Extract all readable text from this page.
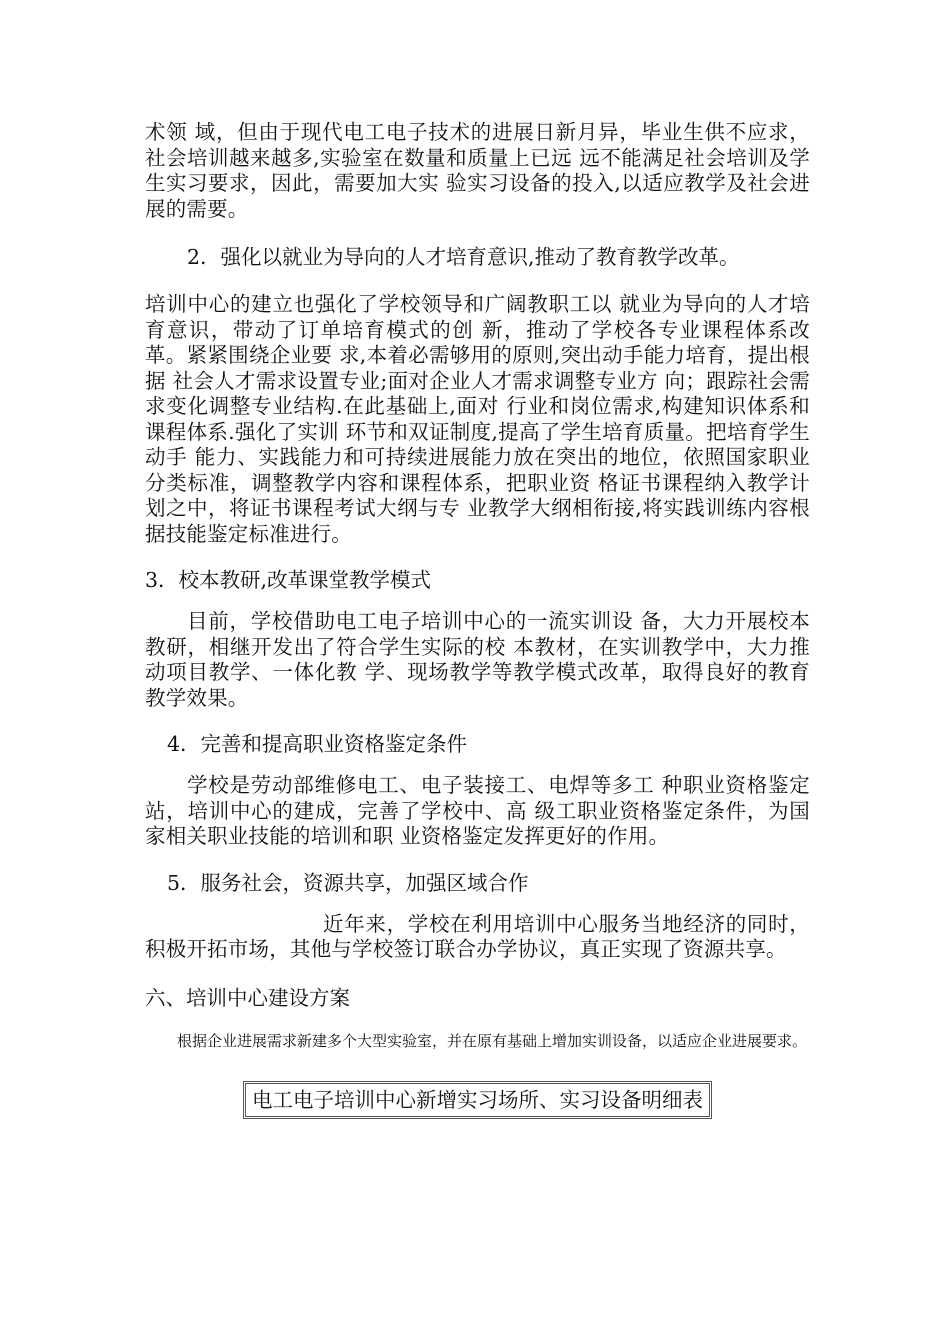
术领 域，但由于现代电工电子技术的进展日新月异，毕业生供不应求，社会培训越来越多,实验室在数量和质量上已远 远不能满足社会培训及学生实习要求，因此，需要加大实 验实习设备的投入,以适应教学及社会进展的需要。

2．强化以就业为导向的人才培育意识,推动了教育教学改革。

培训中心的建立也强化了学校领导和广阔教职工以 就业为导向的人才培育意识，带动了订单培育模式的创 新，推动了学校各专业课程体系改革。紧紧围绕企业要 求,本着必需够用的原则,突出动手能力培育，提出根据 社会人才需求设置专业;面对企业人才需求调整专业方 向；跟踪社会需求变化调整专业结构.在此基础上,面对 行业和岗位需求,构建知识体系和课程体系.强化了实训 环节和双证制度,提高了学生培育质量。把培育学生动手 能力、实践能力和可持续进展能力放在突出的地位，依照国家职业分类标准，调整教学内容和课程体系，把职业资 格证书课程纳入教学计划之中，将证书课程考试大纲与专 业教学大纲相衔接,将实践训练内容根据技能鉴定标准进行。

3．校本教研,改革课堂教学模式

目前，学校借助电工电子培训中心的一流实训设 备，大力开展校本教研，相继开发出了符合学生实际的校 本教材，在实训教学中，大力推动项目教学、一体化教 学、现场教学等教学模式改革，取得良好的教育教学效果。

4．完善和提高职业资格鉴定条件

学校是劳动部维修电工、电子装接工、电焊等多工 种职业资格鉴定站，培训中心的建成，完善了学校中、高 级工职业资格鉴定条件，为国家相关职业技能的培训和职 业资格鉴定发挥更好的作用。

5．服务社会，资源共享，加强区域合作

近年来，学校在利用培训中心服务当地经济的同时，积极开拓市场，其他与学校签订联合办学协议，真正实现了资源共享。

六、培训中心建设方案

根据企业进展需求新建多个大型实验室，并在原有基础上增加实训设备，以适应企业进展要求。

电工电子培训中心新增实习场所、实习设备明细表
